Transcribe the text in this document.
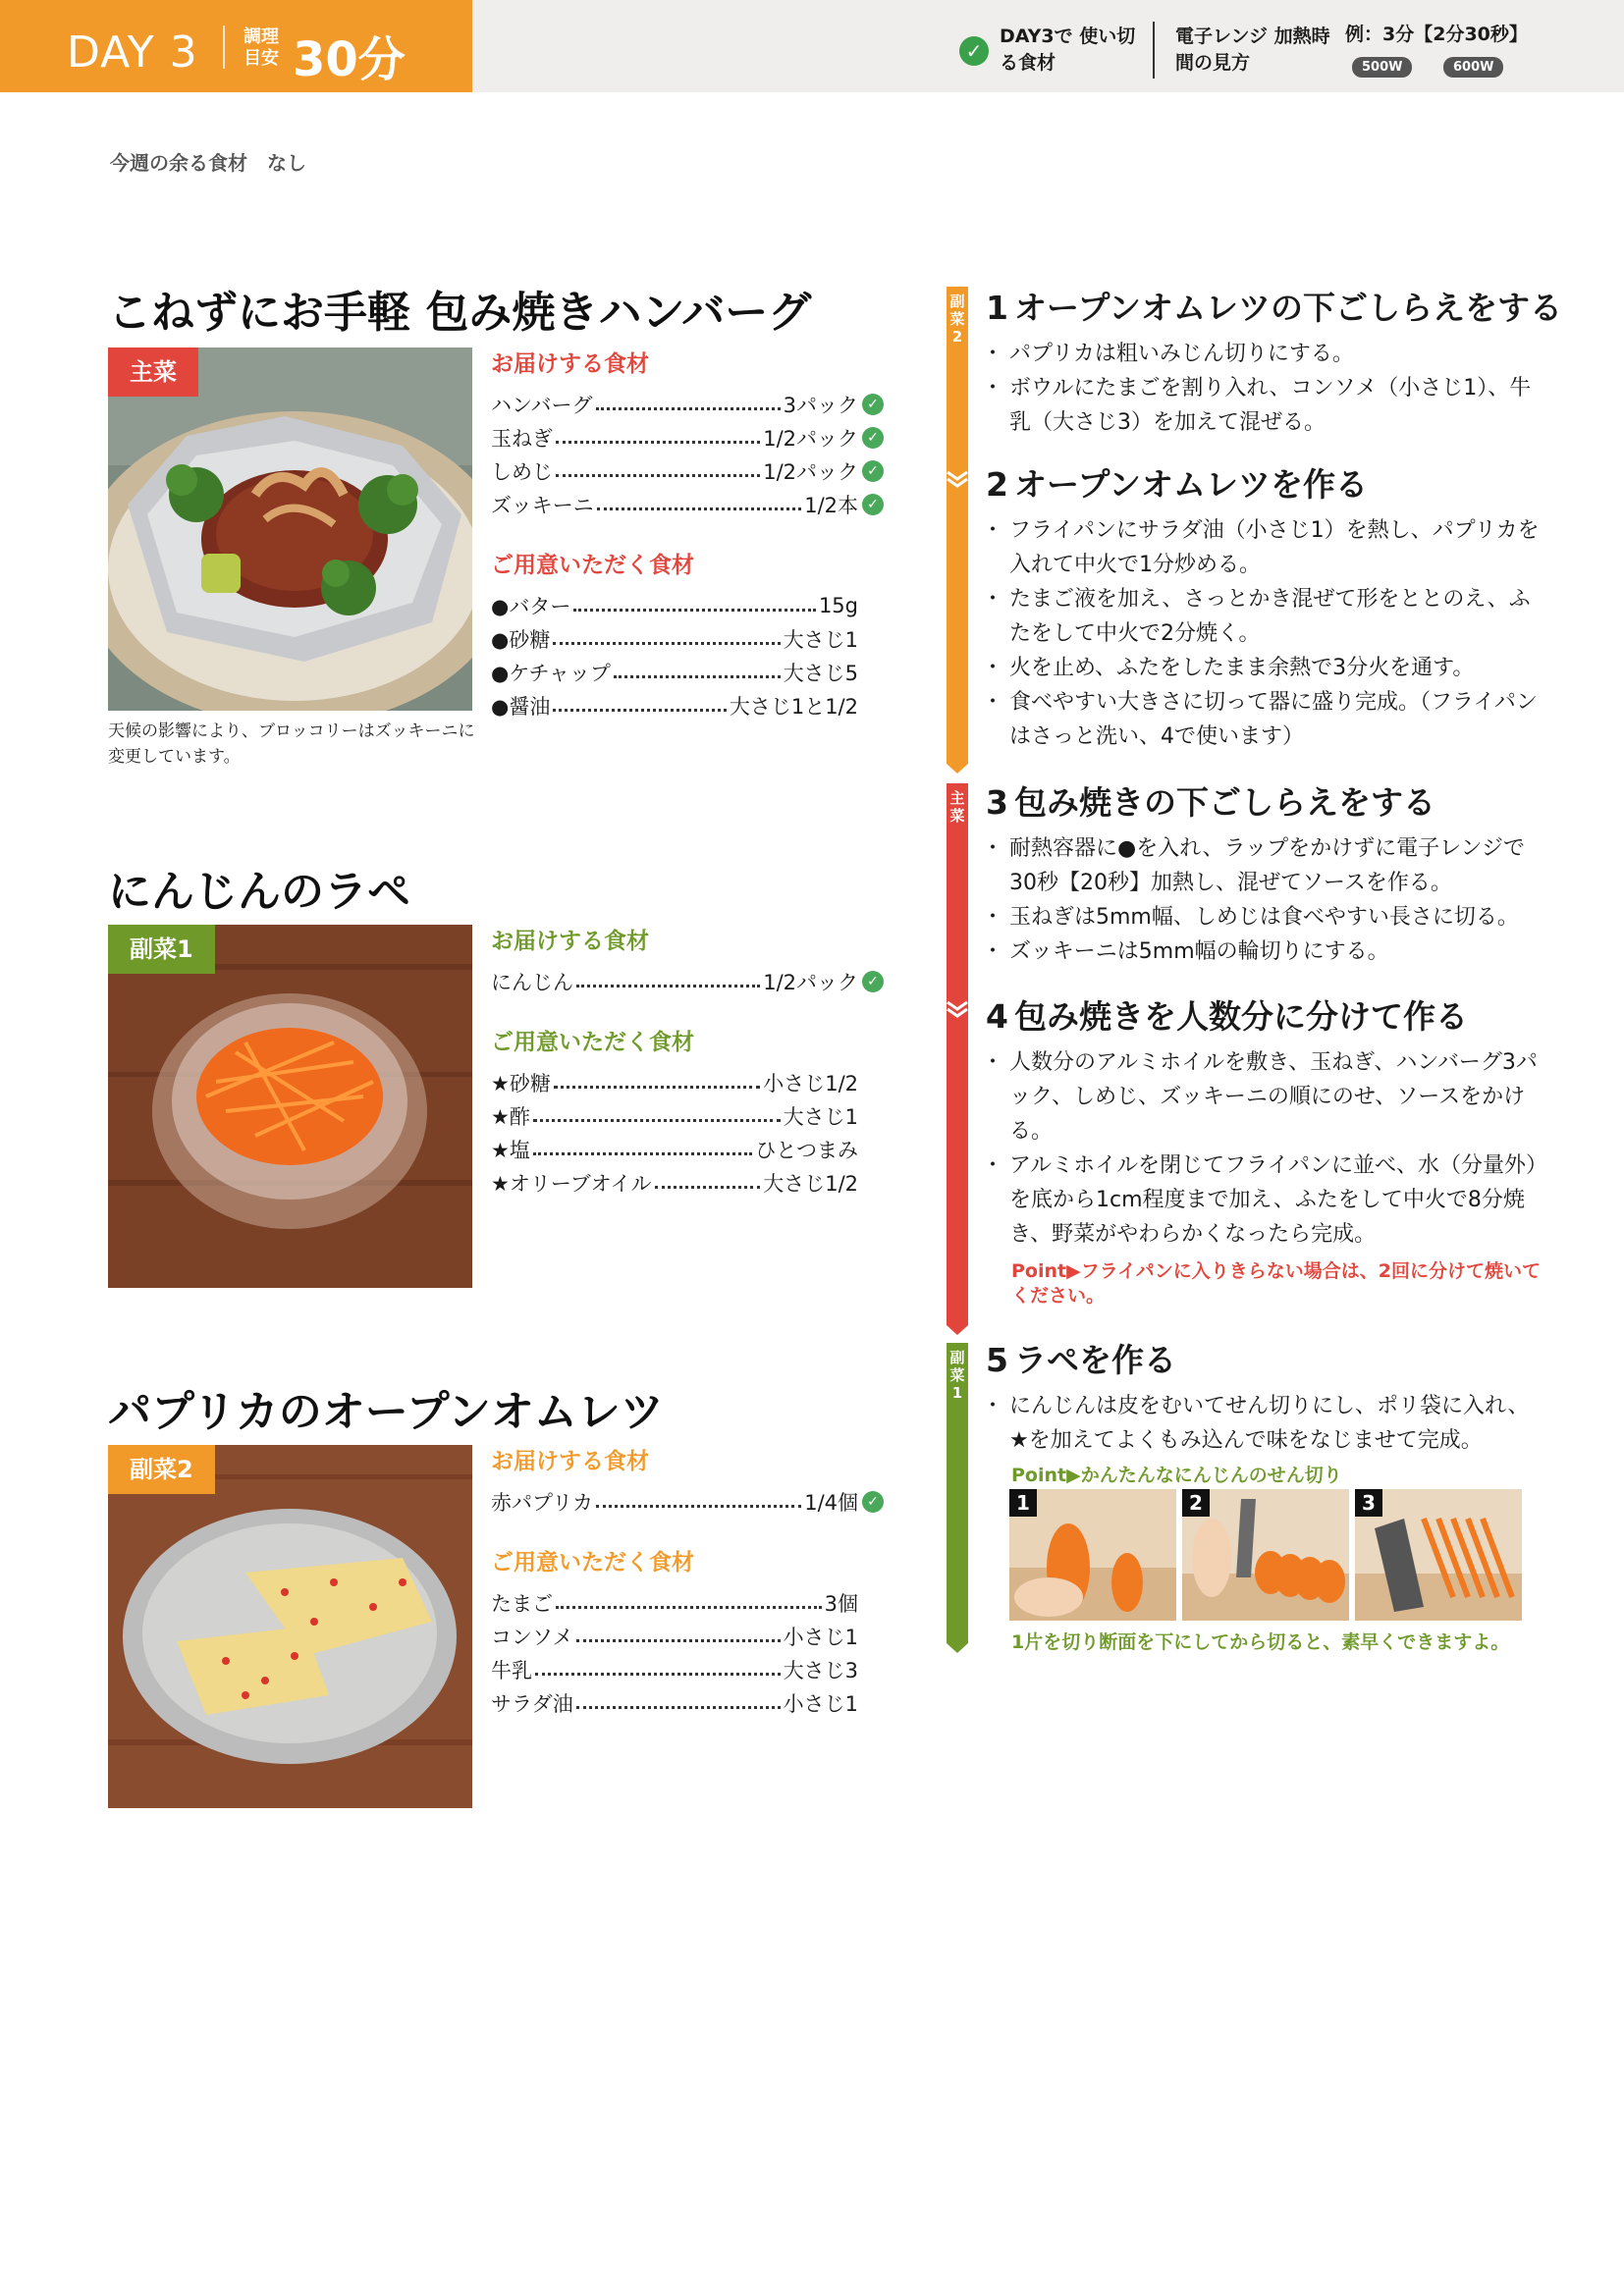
DAY 3	調理 目安 30分	✓
DAY3で 使い切る食材
電子レンジ 加熱時間の見方
例：3分【2分30秒】
500W	600W
今週の余る食材　なし
こねずにお手軽 包み焼きハンバーグ
主菜
天候の影響により、ブロッコリーはズッキーニに変更しています。
お届けする食材
ハンバーグ	3パック ✓
玉ねぎ	1/2パック ✓
しめじ	1/2パック ✓
ズッキーニ	1/2本 ✓
ご用意いただく食材
●バター	15g
●砂糖	大さじ1
●ケチャップ	大さじ5
●醤油	大さじ1と1/2
にんじんのラペ
副菜1	お届けする食材
にんじん	1/2パック ✓
ご用意いただく食材
★砂糖	小さじ1/2
★酢	大さじ1
★塩	ひとつまみ
★オリーブオイル	大さじ1/2
パプリカのオープンオムレツ
副菜2	お届けする食材
赤パプリカ	1/4個 ✓
ご用意いただく食材
たまご	3個
コンソメ	小さじ1
牛乳	大さじ3
サラダ油	小さじ1
副菜2
主菜
副菜1
1 オープンオムレツの下ごしらえをする
・ パプリカは粗いみじん切りにする。
・ ボウルにたまごを割り入れ、コンソメ（小さじ1）、牛乳（大さじ3）を加えて混ぜる。
2 オープンオムレツを作る
・ フライパンにサラダ油（小さじ1）を熱し、パプリカを入れて中火で1分炒める。
・ たまご液を加え、さっとかき混ぜて形をととのえ、ふたをして中火で2分焼く。
・ 火を止め、ふたをしたまま余熱で3分火を通す。
・ 食べやすい大きさに切って器に盛り完成。（フライパンはさっと洗い、4で使います）
3 包み焼きの下ごしらえをする
・ 耐熱容器に●を入れ、ラップをかけずに電子レンジで30秒【20秒】加熱し、混ぜてソースを作る。
・ 玉ねぎは5mm幅、しめじは食べやすい長さに切る。
・ ズッキーニは5mm幅の輪切りにする。
4 包み焼きを人数分に分けて作る
・ 人数分のアルミホイルを敷き、玉ねぎ、ハンバーグ3パック、しめじ、ズッキーニの順にのせ、ソースをかける。
・ アルミホイルを閉じてフライパンに並べ、水（分量外）を底から1cm程度まで加え、ふたをして中火で8分焼き、野菜がやわらかくなったら完成。
Point▶フライパンに入りきらない場合は、2回に分けて焼いてください。
5 ラペを作る
・ にんじんは皮をむいてせん切りにし、ポリ袋に入れ、★を加えてよくもみ込んで味をなじませて完成。
Point▶かんたんなにんじんのせん切り
1	2	3
1片を切り断面を下にしてから切ると、素早くできますよ。
